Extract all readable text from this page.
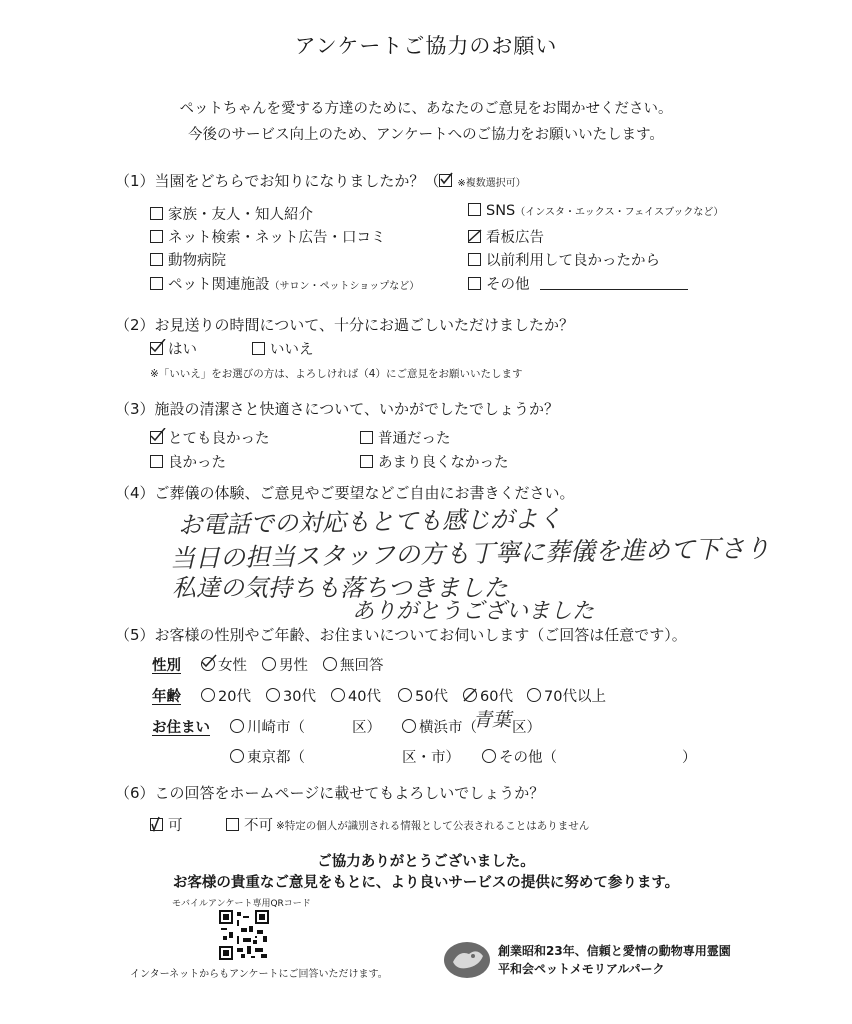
アンケートご協力のお願い
ペットちゃんを愛する方達のために、あなたのご意見をお聞かせください。
今後のサービス向上のため、アンケートへのご協力をお願いいたします。
（1）当園をどちらでお知りになりましたか？（ ※複数選択可）
家族・友人・知人紹介
ネット検索・ネット広告・口コミ
動物病院
ペット関連施設（サロン・ペットショップなど）
SNS（インスタ・エックス・フェイスブックなど）
看板広告
以前利用して良かったから
その他
（2）お見送りの時間について、十分にお過ごしいただけましたか？
はい	いいえ
※「いいえ」をお選びの方は、よろしければ（4）にご意見をお願いいたします
（3）施設の清潔さと快適さについて、いかがでしたでしょうか？
とても良かった	普通だった
良かった	あまり良くなかった
（4）ご葬儀の体験、ご意見やご要望などご自由にお書きください。
お電話での対応もとても感じがよく
当日の担当スタッフの方も丁寧に葬儀を進めて下さり
私達の気持ちも落ちつきました
ありがとうございました
（5）お客様の性別やご年齢、お住まいについてお伺いします（ご回答は任意です）。
性別	女性	男性	無回答
年齢	20代	30代	40代	50代	60代	70代以上
お住まい	川崎市（	区）	横浜市（
青葉 区）
東京都（	区・市）	その他（	）
（6）この回答をホームページに載せてもよろしいでしょうか？
可	不可 ※特定の個人が識別される情報として公表されることはありません
ご協力ありがとうございました。
お客様の貴重なご意見をもとに、より良いサービスの提供に努めて参ります。
モバイルアンケート専用QRコード
インターネットからもアンケートにご回答いただけます。
創業昭和23年、信頼と愛情の動物専用霊園
平和会ペットメモリアルパーク
